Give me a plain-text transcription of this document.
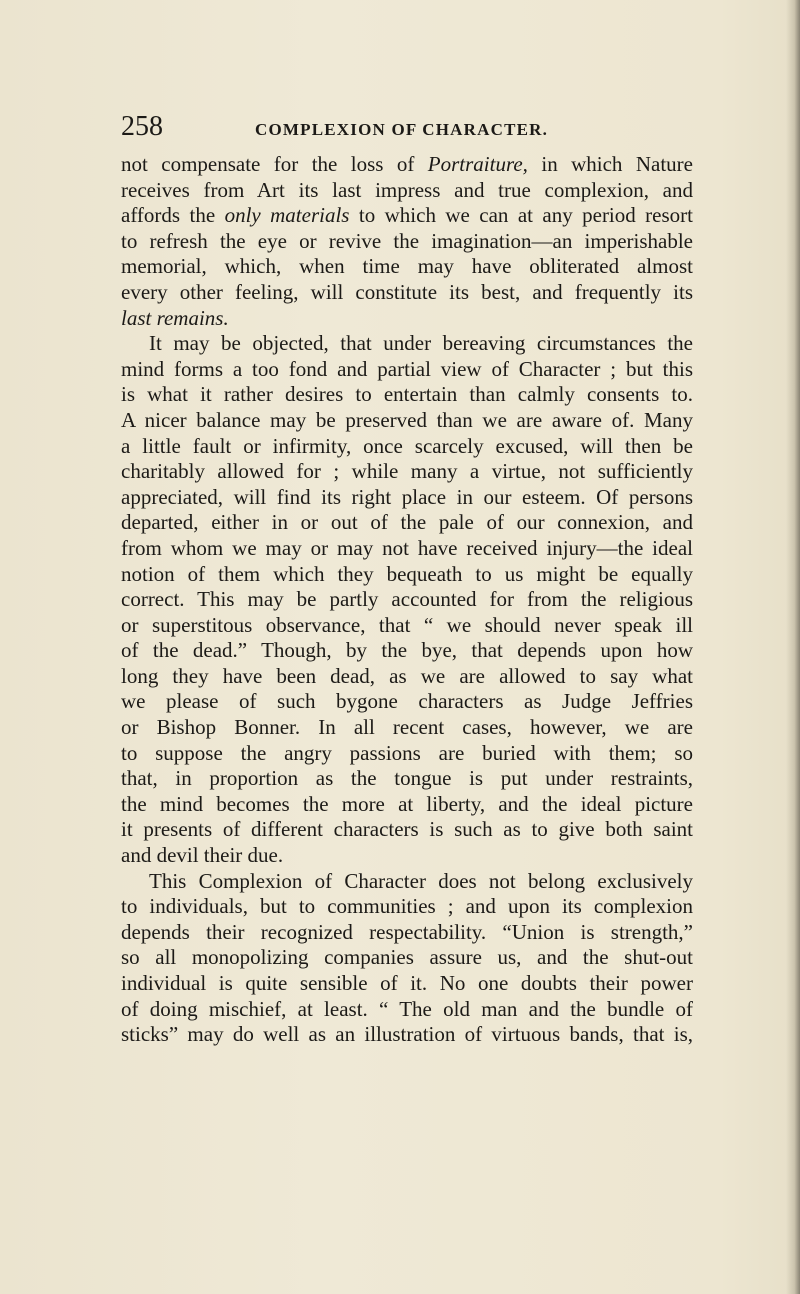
258	COMPLEXION OF CHARACTER.
not compensate for the loss of Portraiture, in which Nature
receives from Art its last impress and true complexion, and
affords the only materials to which we can at any period resort
to refresh the eye or revive the imagination—an imperishable
memorial, which, when time may have obliterated almost
every other feeling, will constitute its best, and frequently its
last remains.
It may be objected, that under bereaving circumstances the
mind forms a too fond and partial view of Character ; but this
is what it rather desires to entertain than calmly consents to.
A nicer balance may be preserved than we are aware of. Many
a little fault or infirmity, once scarcely excused, will then be
charitably allowed for ; while many a virtue, not sufficiently
appreciated, will find its right place in our esteem. Of persons
departed, either in or out of the pale of our connexion, and
from whom we may or may not have received injury—the ideal
notion of them which they bequeath to us might be equally
correct. This may be partly accounted for from the religious
or superstitous observance, that “ we should never speak ill
of the dead.” Though, by the bye, that depends upon how
long they have been dead, as we are allowed to say what
we please of such bygone characters as Judge Jeffries
or Bishop Bonner. In all recent cases, however, we are
to suppose the angry passions are buried with them; so
that, in proportion as the tongue is put under restraints,
the mind becomes the more at liberty, and the ideal picture
it presents of different characters is such as to give both saint
and devil their due.
This Complexion of Character does not belong exclusively
to individuals, but to communities ; and upon its complexion
depends their recognized respectability. “Union is strength,”
so all monopolizing companies assure us, and the shut-out
individual is quite sensible of it. No one doubts their power
of doing mischief, at least. “ The old man and the bundle of
sticks” may do well as an illustration of virtuous bands, that is,
